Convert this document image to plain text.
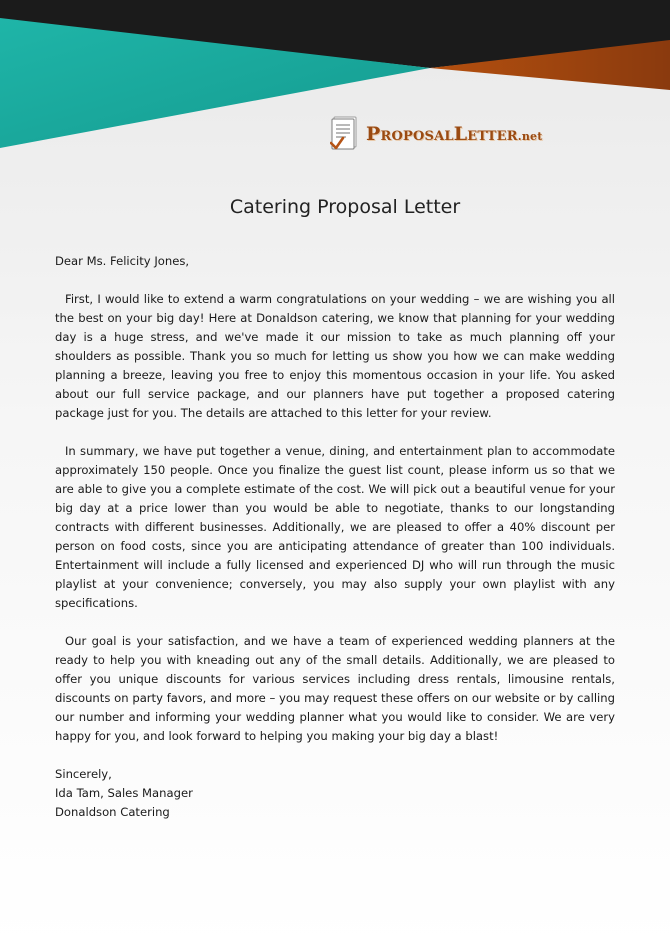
ProposalLetter.net
Catering Proposal Letter

Dear Ms. Felicity Jones,

First, I would like to extend a warm congratulations on your wedding – we are wishing you all the best on your big day! Here at Donaldson catering, we know that planning for your wedding day is a huge stress, and we've made it our mission to take as much planning off your shoulders as possible. Thank you so much for letting us show you how we can make wedding planning a breeze, leaving you free to enjoy this momentous occasion in your life. You asked about our full service package, and our planners have put together a proposed catering package just for you. The details are attached to this letter for your review.

In summary, we have put together a venue, dining, and entertainment plan to accommodate approximately 150 people. Once you finalize the guest list count, please inform us so that we are able to give you a complete estimate of the cost. We will pick out a beautiful venue for your big day at a price lower than you would be able to negotiate, thanks to our longstanding contracts with different businesses. Additionally, we are pleased to offer a 40% discount per person on food costs, since you are anticipating attendance of greater than 100 individuals. Entertainment will include a fully licensed and experienced DJ who will run through the music playlist at your convenience; conversely, you may also supply your own playlist with any specifications.

Our goal is your satisfaction, and we have a team of experienced wedding planners at the ready to help you with kneading out any of the small details. Additionally, we are pleased to offer you unique discounts for various services including dress rentals, limousine rentals, discounts on party favors, and more – you may request these offers on our website or by calling our number and informing your wedding planner what you would like to consider. We are very happy for you, and look forward to helping you making your big day a blast!

Sincerely,

Ida Tam, Sales Manager

Donaldson Catering
